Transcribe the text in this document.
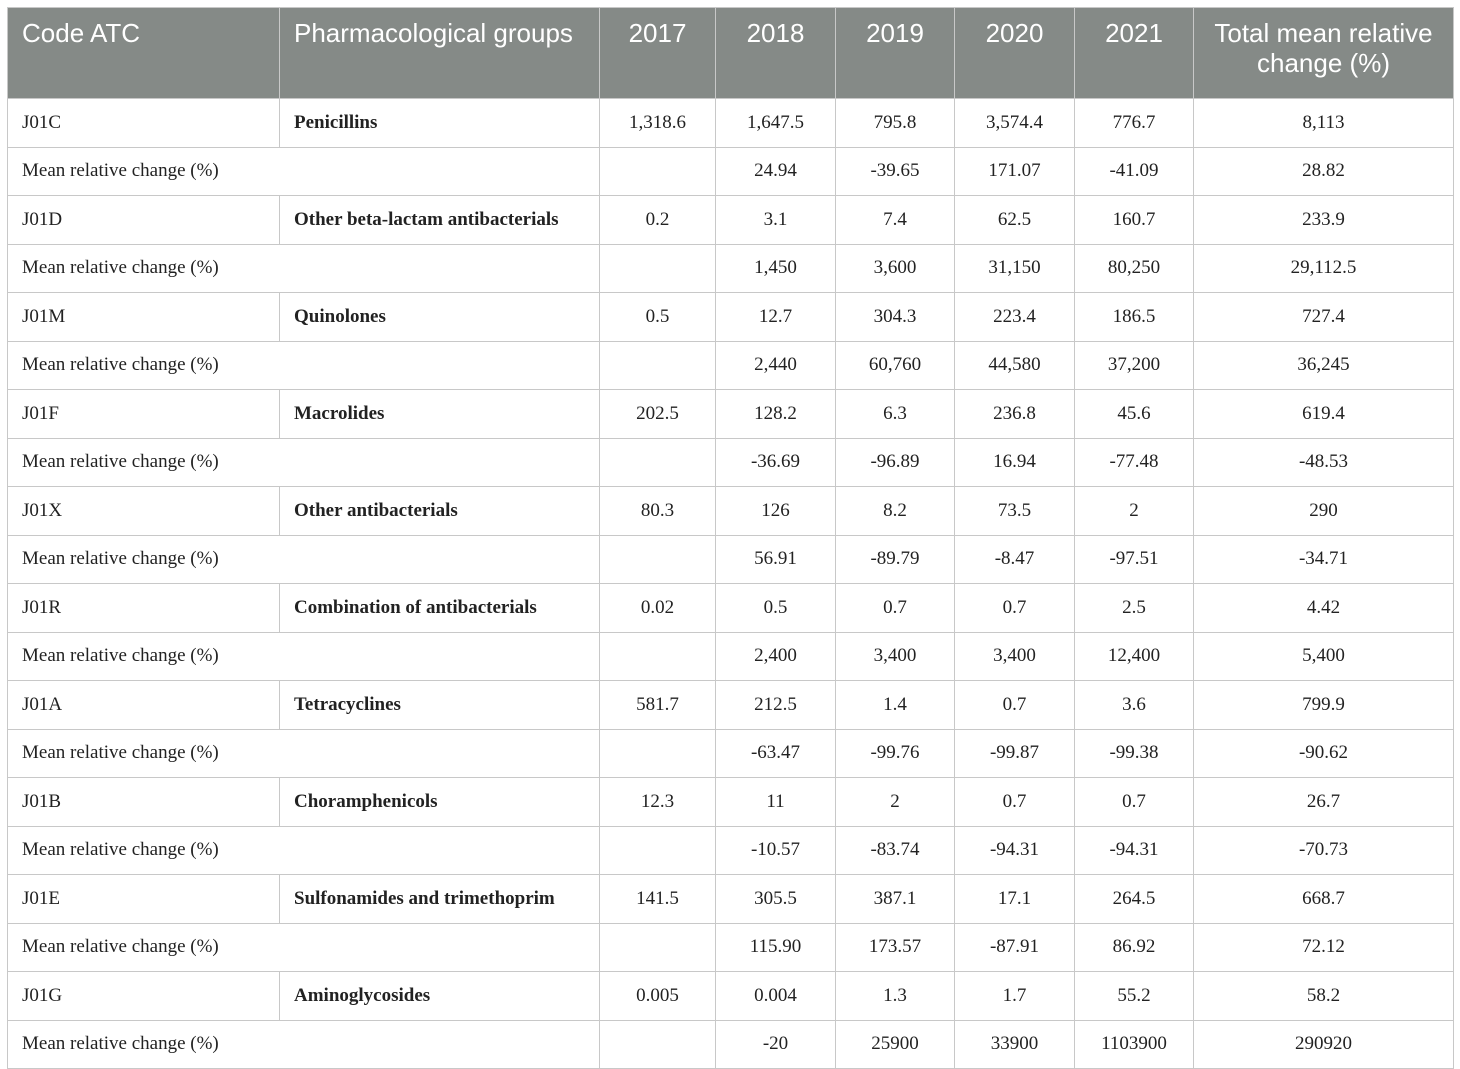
Code ATC	Pharmacological groups	2017	2018	2019	2020	2021	Total mean relative change (%)
J01C	Penicillins	1,318.6	1,647.5	795.8	3,574.4	776.7	8,113
Mean relative change (%)			24.94	-39.65	171.07	-41.09	28.82
J01D	Other beta-lactam antibacterials	0.2	3.1	7.4	62.5	160.7	233.9
Mean relative change (%)			1,450	3,600	31,150	80,250	29,112.5
J01M	Quinolones	0.5	12.7	304.3	223.4	186.5	727.4
Mean relative change (%)			2,440	60,760	44,580	37,200	36,245
J01F	Macrolides	202.5	128.2	6.3	236.8	45.6	619.4
Mean relative change (%)			-36.69	-96.89	16.94	-77.48	-48.53
J01X	Other antibacterials	80.3	126	8.2	73.5	2	290
Mean relative change (%)			56.91	-89.79	-8.47	-97.51	-34.71
J01R	Combination of antibacterials	0.02	0.5	0.7	0.7	2.5	4.42
Mean relative change (%)			2,400	3,400	3,400	12,400	5,400
J01A	Tetracyclines	581.7	212.5	1.4	0.7	3.6	799.9
Mean relative change (%)			-63.47	-99.76	-99.87	-99.38	-90.62
J01B	Choramphenicols	12.3	11	2	0.7	0.7	26.7
Mean relative change (%)			-10.57	-83.74	-94.31	-94.31	-70.73
J01E	Sulfonamides and trimethoprim	141.5	305.5	387.1	17.1	264.5	668.7
Mean relative change (%)			115.90	173.57	-87.91	86.92	72.12
J01G	Aminoglycosides	0.005	0.004	1.3	1.7	55.2	58.2
Mean relative change (%)			-20	25900	33900	1103900	290920
